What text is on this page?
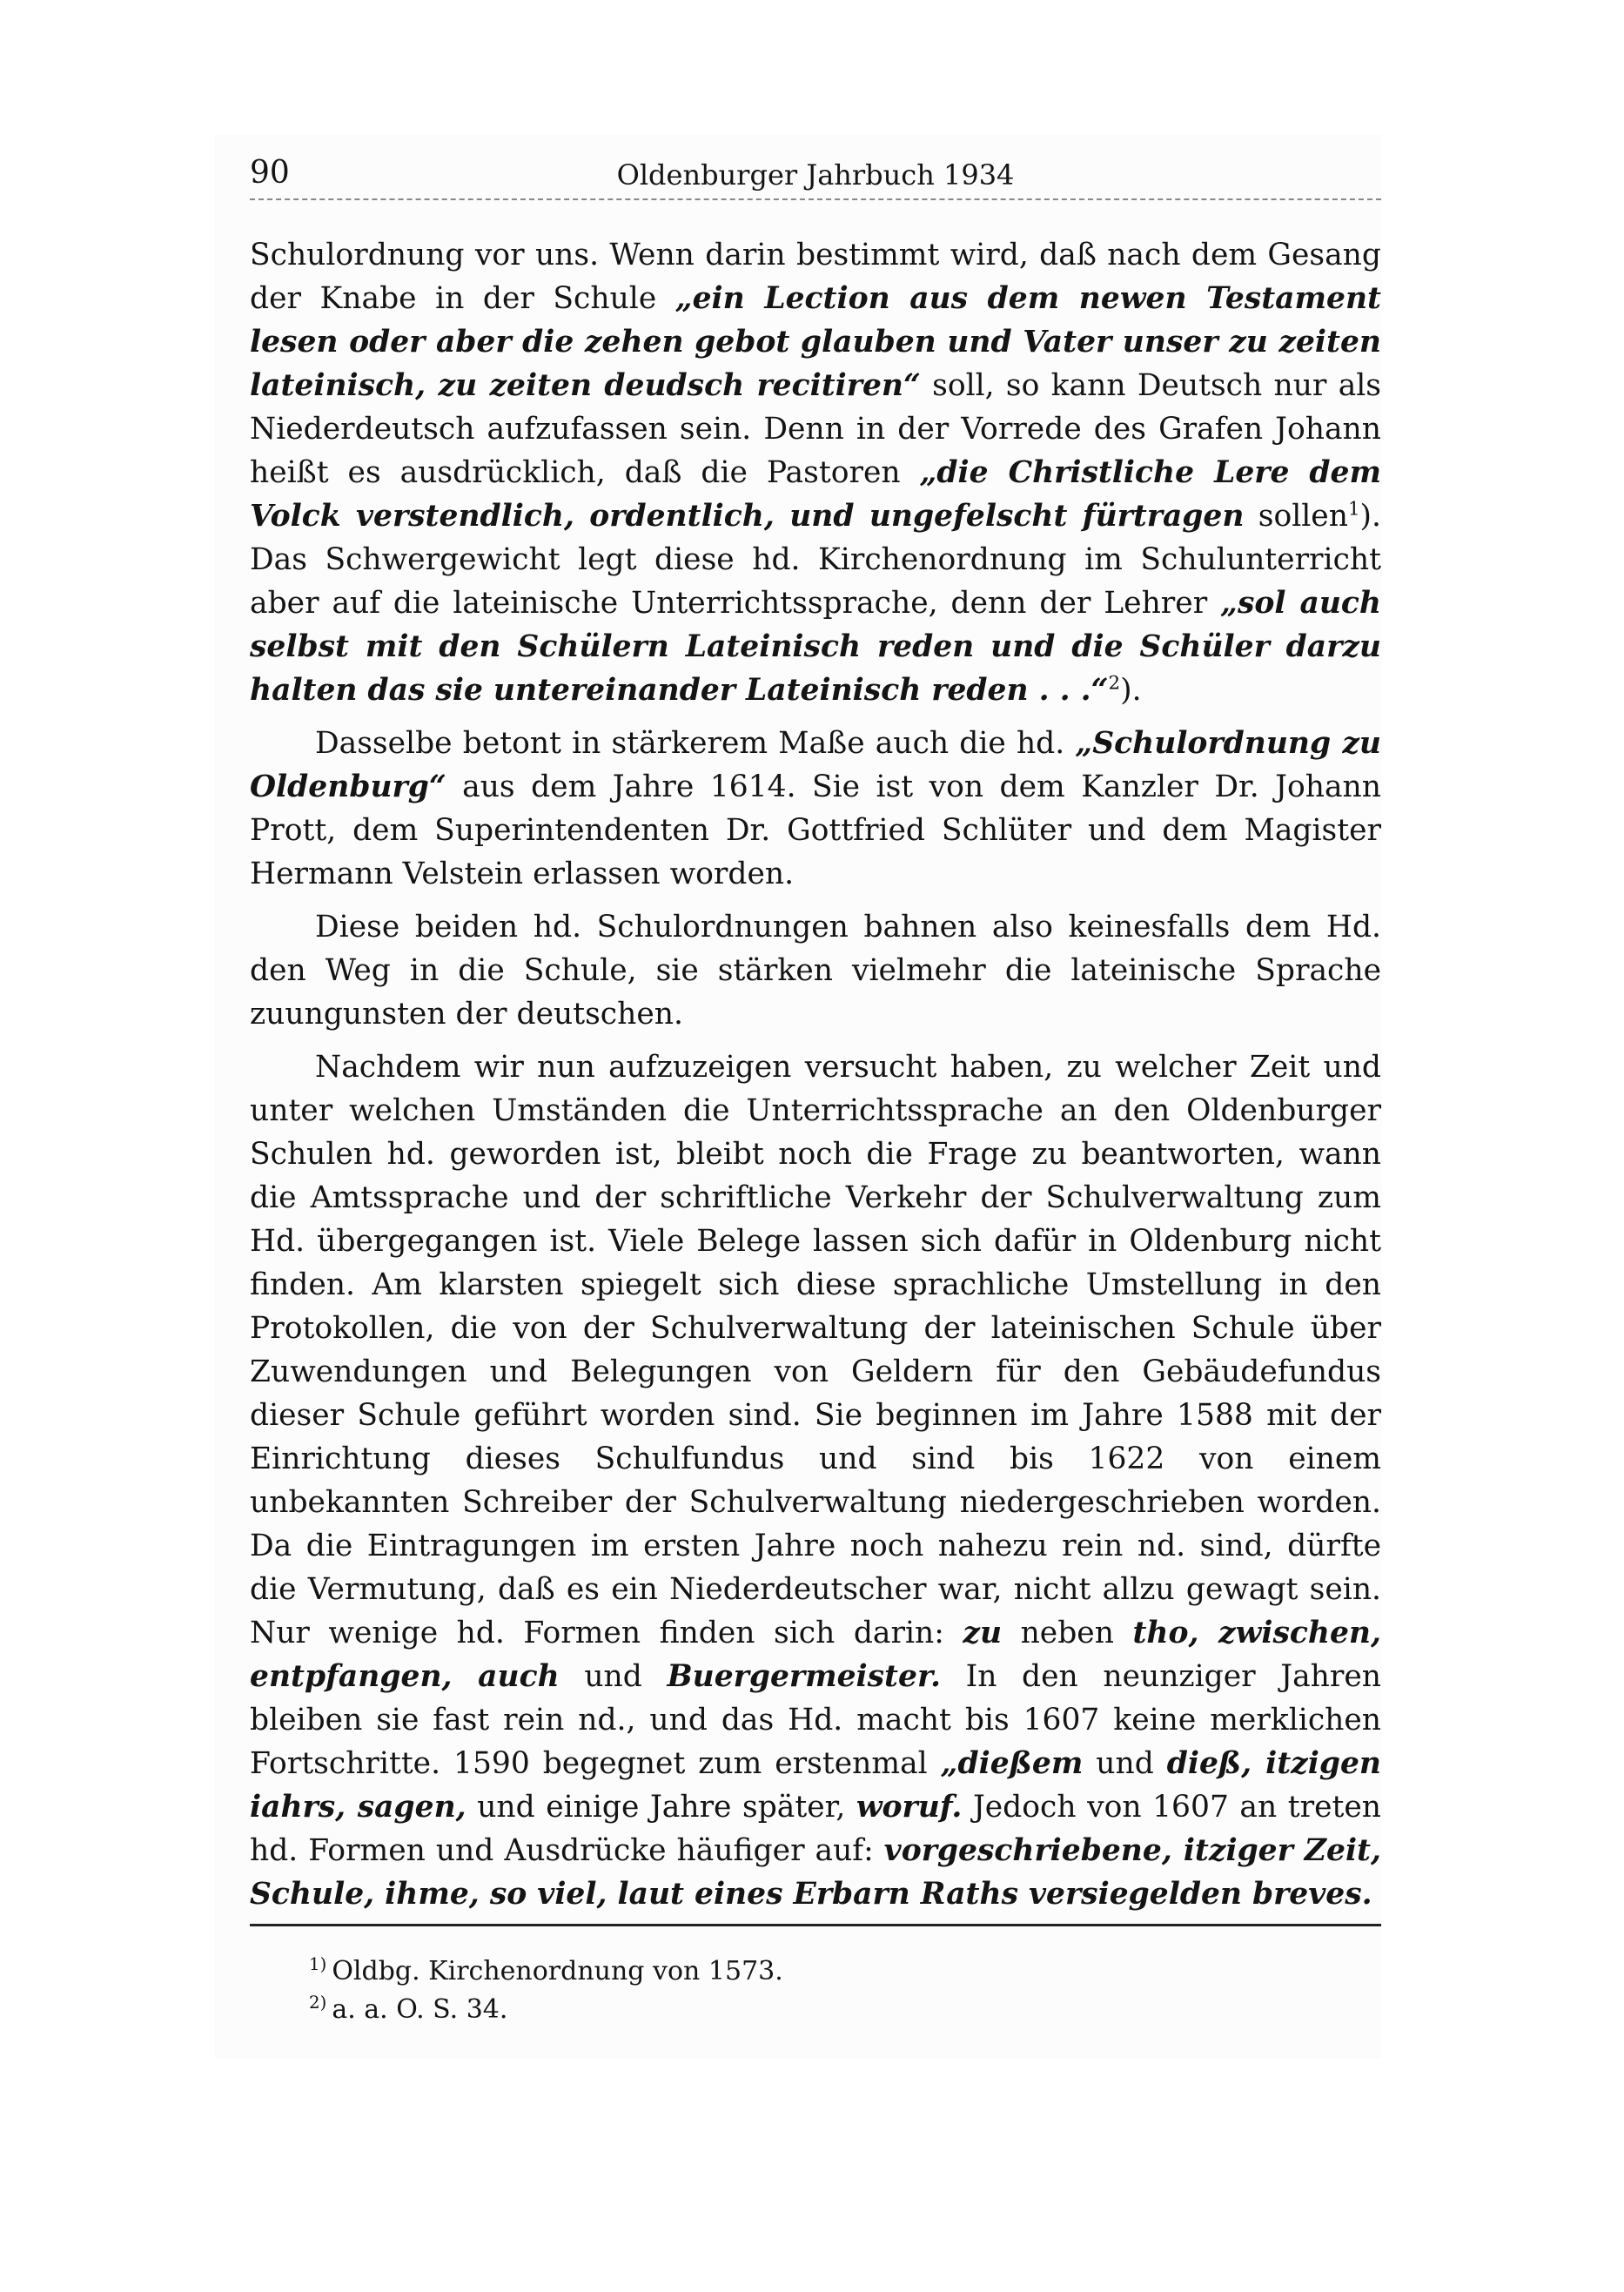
90	Oldenburger Jahrbuch 1934

Schulordnung vor uns. Wenn darin bestimmt wird, daß nach dem Gesang der Knabe in der Schule „ein Lection aus dem newen Testament lesen oder aber die zehen gebot glauben und Vater unser zu zeiten lateinisch, zu zeiten deudsch recitiren“ soll, so kann Deutsch nur als Niederdeutsch aufzufassen sein. Denn in der Vorrede des Grafen Johann heißt es ausdrücklich, daß die Pastoren „die Christliche Lere dem Volck verstendlich, ordentlich, und ungefelscht fürtragen sollen$^1$). Das Schwergewicht legt diese hd. Kirchenordnung im Schulunterricht aber auf die lateinische Unterrichtssprache, denn der Lehrer „sol auch selbst mit den Schülern Lateinisch reden und die Schüler darzu halten das sie untereinander Lateinisch reden . . .“$^2$).

Dasselbe betont in stärkerem Maße auch die hd. „Schulordnung zu Oldenburg“ aus dem Jahre 1614. Sie ist von dem Kanzler Dr. Johann Prott, dem Superintendenten Dr. Gottfried Schlüter und dem Magister Hermann Velstein erlassen worden.

Diese beiden hd. Schulordnungen bahnen also keinesfalls dem Hd. den Weg in die Schule, sie stärken vielmehr die lateinische Sprache zuungunsten der deutschen.

Nachdem wir nun aufzuzeigen versucht haben, zu welcher Zeit und unter welchen Umständen die Unterrichtssprache an den Oldenburger Schulen hd. geworden ist, bleibt noch die Frage zu beantworten, wann die Amtssprache und der schriftliche Verkehr der Schulverwaltung zum Hd. übergegangen ist. Viele Belege lassen sich dafür in Oldenburg nicht finden. Am klarsten spiegelt sich diese sprachliche Umstellung in den Protokollen, die von der Schulverwaltung der lateinischen Schule über Zuwendungen und Belegungen von Geldern für den Gebäudefundus dieser Schule geführt worden sind. Sie beginnen im Jahre 1588 mit der Einrichtung dieses Schulfundus und sind bis 1622 von einem unbekannten Schreiber der Schulverwaltung niedergeschrieben worden. Da die Eintragungen im ersten Jahre noch nahezu rein nd. sind, dürfte die Vermutung, daß es ein Niederdeutscher war, nicht allzu gewagt sein. Nur wenige hd. Formen finden sich darin: zu neben tho, zwischen, entpfangen, auch und Buergermeister. In den neunziger Jahren bleiben sie fast rein nd., und das Hd. macht bis 1607 keine merklichen Fortschritte. 1590 begegnet zum erstenmal „dießem und dieß, itzigen iahrs, sagen, und einige Jahre später, woruf. Jedoch von 1607 an treten hd. Formen und Ausdrücke häufiger auf: vorgeschriebene, itziger Zeit, Schule, ihme, so viel, laut eines Erbarn Raths versiegelden breves.

$^{1)}$ Oldbg. Kirchenordnung von 1573.
$^{2)}$ a. a. O. S. 34.
